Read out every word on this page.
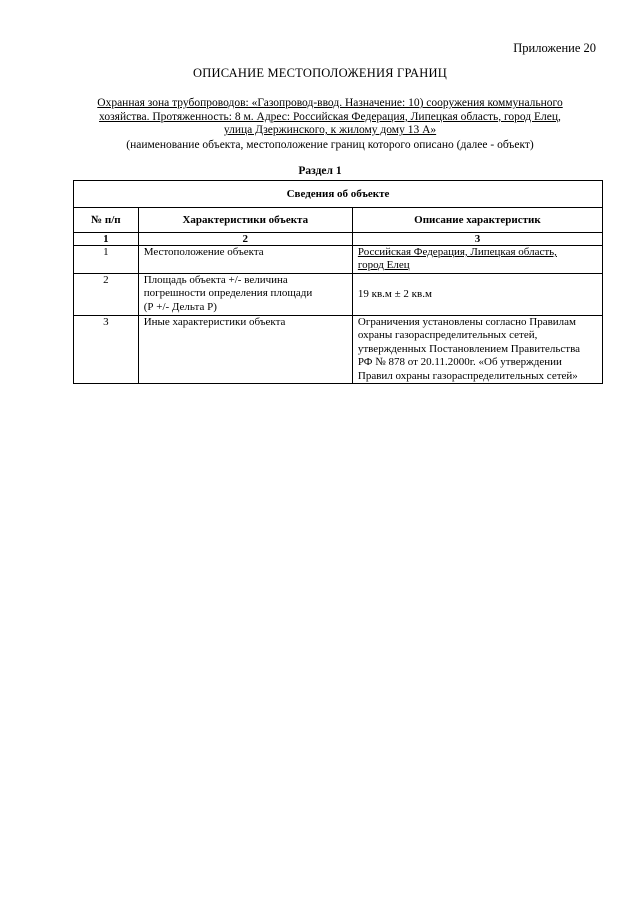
Приложение 20
ОПИСАНИЕ МЕСТОПОЛОЖЕНИЯ ГРАНИЦ
Охранная зона трубопроводов: «Газопровод-ввод. Назначение: 10) сооружения коммунального
хозяйства. Протяженность: 8 м. Адрес: Российская Федерация, Липецкая область, город Елец,
улица Дзержинского, к жилому дому 13 А»
(наименование объекта, местоположение границ которого описано (далее - объект)
Раздел 1
Сведения об объекте		
№ п/п	Характеристики объекта	Описание характеристик
1	2	3
1	Местоположение объекта	Российская Федерация, Липецкая область,
город Елец
2	Площадь объекта +/- величина
погрешности определения площади
(Р +/- Дельта Р)	19 кв.м ± 2 кв.м
3	Иные характеристики объекта	Ограничения установлены согласно Правилам
охраны газораспределительных сетей,
утвержденных Постановлением Правительства
РФ № 878 от 20.11.2000г. «Об утверждении
Правил охраны газораспределительных сетей»
